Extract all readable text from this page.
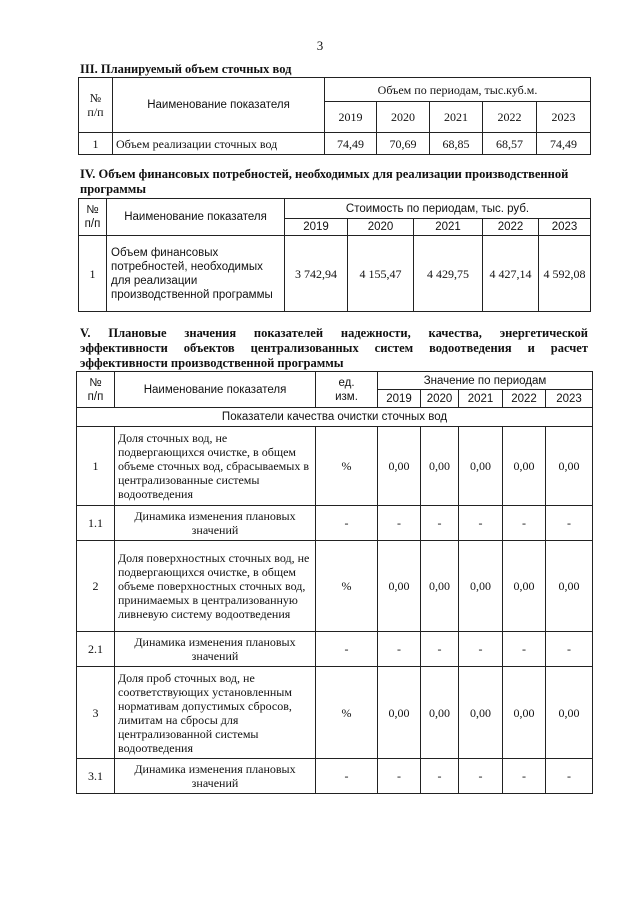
3
III. Планируемый объем сточных вод
№
п/п	Наименование показателя	Объем по периодам, тыс.куб.м.				
		2019	2020	2021	2022	2023
1	Объем реализации сточных вод	74,49	70,69	68,85	68,57	74,49
IV. Объем финансовых потребностей, необходимых для реализации производственной программы
№
п/п	Наименование показателя	Стоимость по периодам, тыс. руб.				
		2019	2020	2021	2022	2023
1	Объем финансовых потребностей, необходимых для реализации производственной программы	3 742,94	4 155,47	4 429,75	4 427,14	4 592,08
V. Плановые значения показателей надежности, качества, энергетической эффективности объектов централизованных систем водоотведения и расчет эффективности производственной программы
№
п/п	Наименование показателя	ед.
изм.	Значение по периодам				
			2019	2020	2021	2022	2023
Показатели качества очистки сточных вод							
1	Доля сточных вод, не подвергающихся очистке, в общем объеме сточных вод, сбрасываемых в централизованные системы водоотведения	%	0,00	0,00	0,00	0,00	0,00
1.1	Динамика изменения плановых значений	-	-	-	-	-	-
2	Доля поверхностных сточных вод, не подвергающихся очистке, в общем объеме поверхностных сточных вод, принимаемых в централизованную ливневую систему водоотведения	%	0,00	0,00	0,00	0,00	0,00
2.1	Динамика изменения плановых значений	-	-	-	-	-	-
3	Доля проб сточных вод, не соответствующих установленным нормативам допустимых сбросов, лимитам на сбросы для централизованной системы водоотведения	%	0,00	0,00	0,00	0,00	0,00
3.1	Динамика изменения плановых значений	-	-	-	-	-	-
